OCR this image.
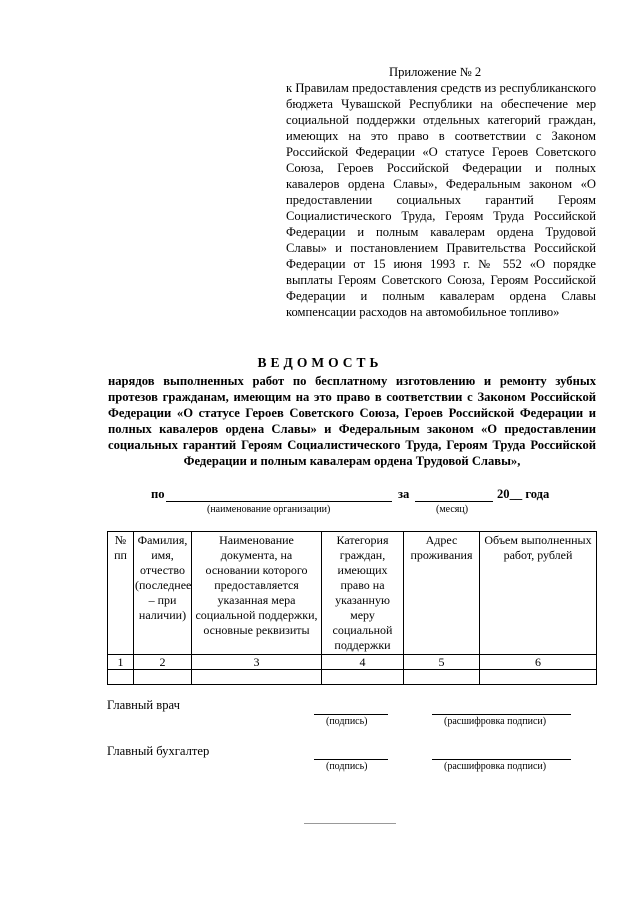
Приложение № 2
к Правилам предоставления средств из республиканского бюджета Чувашской Республики на обеспечение мер социальной поддержки отдельных категорий граждан, имеющих на это право в соответствии с Законом Российской Федерации «О статусе Героев Советского Союза, Героев Российской Федерации и полных кавалеров ордена Славы», Федеральным законом «О предоставлении социальных гарантий Героям Социалистического Труда, Героям Труда Российской Федерации и полным кавалерам ордена Трудовой Славы» и постановлением Правительства Российской Федерации от 15 июня 1993 г. № 552 «О порядке выплаты Героям Советского Союза, Героям Российской Федерации и полным кавалерам ордена Славы компенсации расходов на автомобильное топливо»
ВЕДОМОСТЬ
нарядов выполненных работ по бесплатному изготовлению и ремонту зубных протезов гражданам, имеющим на это право в соответствии с Законом Российской Федерации «О статусе Героев Советского Союза, Героев Российской Федерации и полных кавалеров ордена Славы» и Федеральным законом «О предоставлении социальных гарантий Героям Социалистического Труда, Героям Труда Российской Федерации и полным кавалерам ордена Трудовой Славы»,
по	за	20__ года
(наименование организации)	(месяц)
№ пп	Фамилия, имя, отчество (последнее – при наличии)	Наименование документа, на основании которого предоставляется указанная мера социальной поддержки, основные реквизиты	Категория граждан, имеющих право на указанную меру социальной поддержки	Адрес проживания	Объем выполненных работ, рублей
1	2	3	4	5	6

Главный врач
(подпись)	(расшифровка подписи)
Главный бухгалтер
(подпись)	(расшифровка подписи)
